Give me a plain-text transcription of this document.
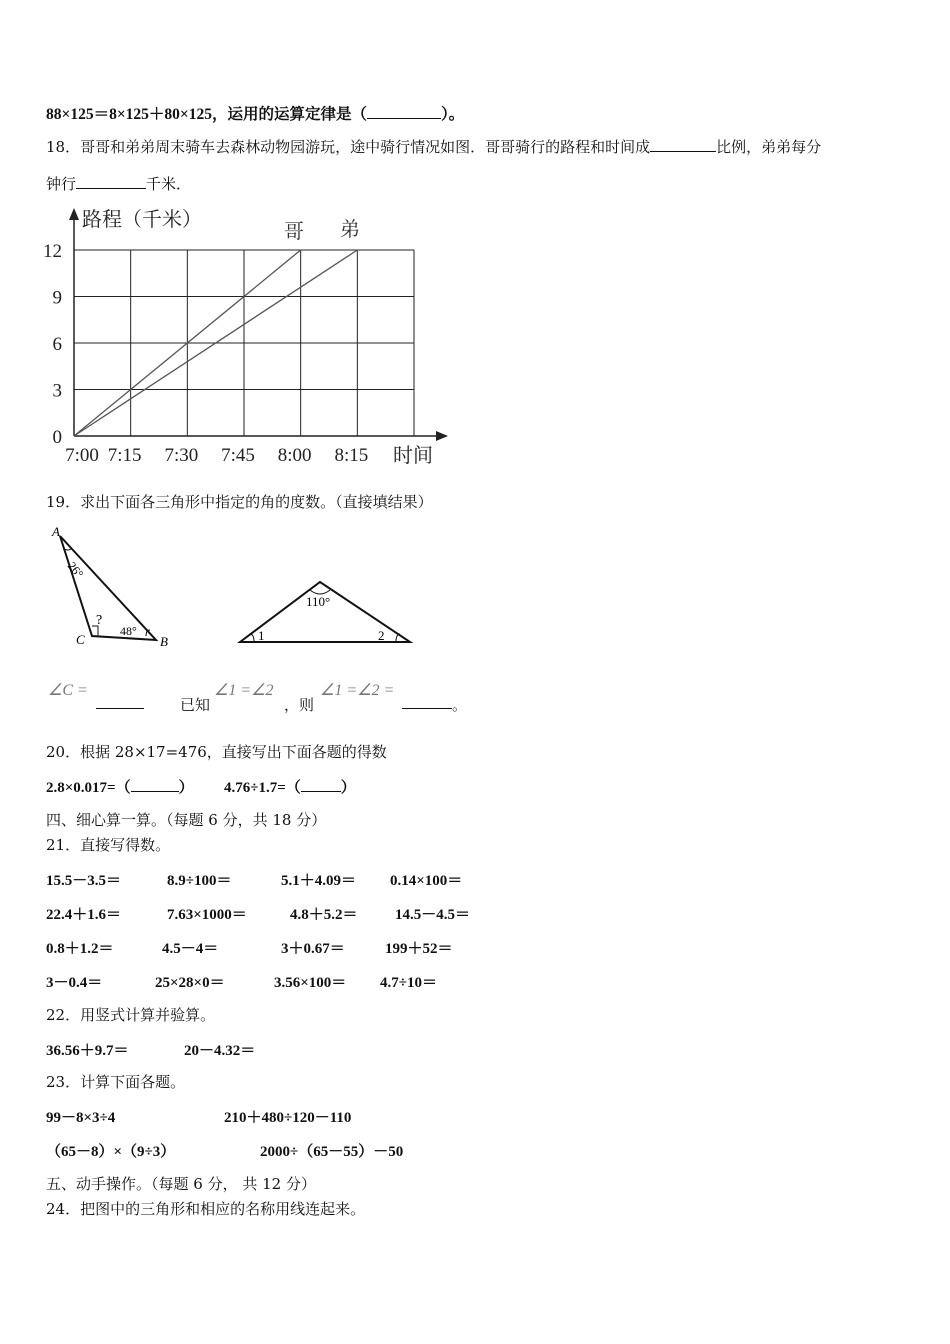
88×125＝8×125＋80×125，运用的运算定律是（	）。
18．哥哥和弟弟周末骑车去森林动物园游玩，途中骑行情况如图．哥哥骑行的路程和时间成	比例，弟弟每分
钟行	千米．
0
3
6
9
12
7:00 7:15 7:30 7:45 8:00 8:15
路程（千米）
时间
哥 弟
19．求出下面各三角形中指定的角的度数。（直接填结果）
A
B
C
26°
48°
?
110°
1	2
∠C =
已知
∠1 =∠2
，则
∠1 =∠2 =
。
20．根据 28×17=476，直接写出下面各题的得数
2.8×0.017=（	） 4.76÷1.7=（	）
四、细心算一算。（每题 6 分，共 18 分）
21．直接写得数。
15.5－3.5＝	8.9÷100＝	5.1＋4.09＝ 0.14×100＝
22.4＋1.6＝	7.63×1000＝	4.8＋5.2＝ 14.5－4.5＝
0.8＋1.2＝	4.5－4＝	3＋0.67＝	199＋52＝
3－0.4＝	25×28×0＝	3.56×100＝ 4.7÷10＝
22．用竖式计算并验算。
36.56＋9.7＝	20－4.32＝
23．计算下面各题。
99－8×3÷4	210＋480÷120－110
（65－8）×（9÷3）	2000÷（65－55）－50
五、动手操作。（每题 6 分， 共 12 分）
24．把图中的三角形和相应的名称用线连起来。
